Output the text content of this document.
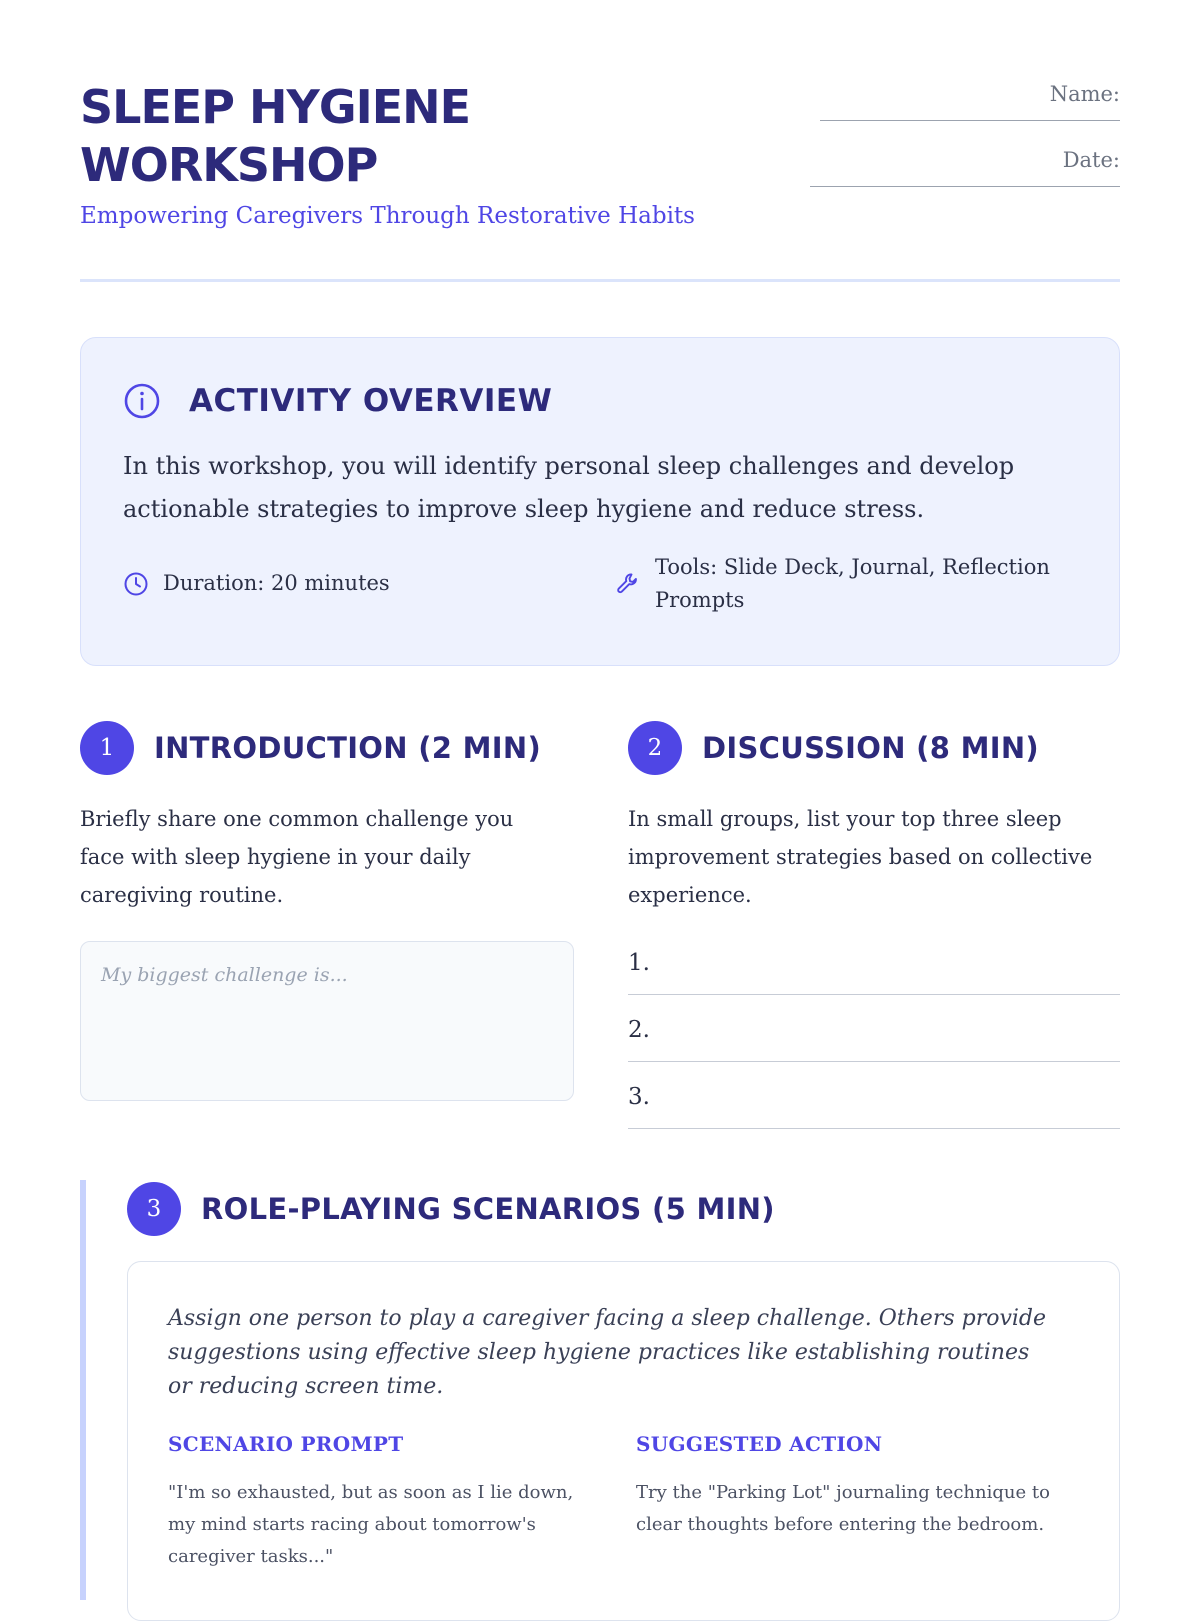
SLEEP HYGIENE
WORKSHOP
Empowering Caregivers Through Restorative Habits
Name:
Date:
ACTIVITY OVERVIEW
In this workshop, you will identify personal sleep challenges and develop actionable strategies to improve sleep hygiene and reduce stress.
Duration: 20 minutes
Tools: Slide Deck, Journal, Reflection Prompts
1	INTRODUCTION (2 MIN)
Briefly share one common challenge you face with sleep hygiene in your daily caregiving routine.
My biggest challenge is...
2	DISCUSSION (8 MIN)
In small groups, list your top three sleep improvement strategies based on collective experience.
1.
2.
3.
3	ROLE-PLAYING SCENARIOS (5 MIN)
Assign one person to play a caregiver facing a sleep challenge. Others provide suggestions using effective sleep hygiene practices like establishing routines or reducing screen time.
SCENARIO PROMPT
"I'm so exhausted, but as soon as I lie down, my mind starts racing about tomorrow's caregiver tasks..."
SUGGESTED ACTION
Try the "Parking Lot" journaling technique to clear thoughts before entering the bedroom.
